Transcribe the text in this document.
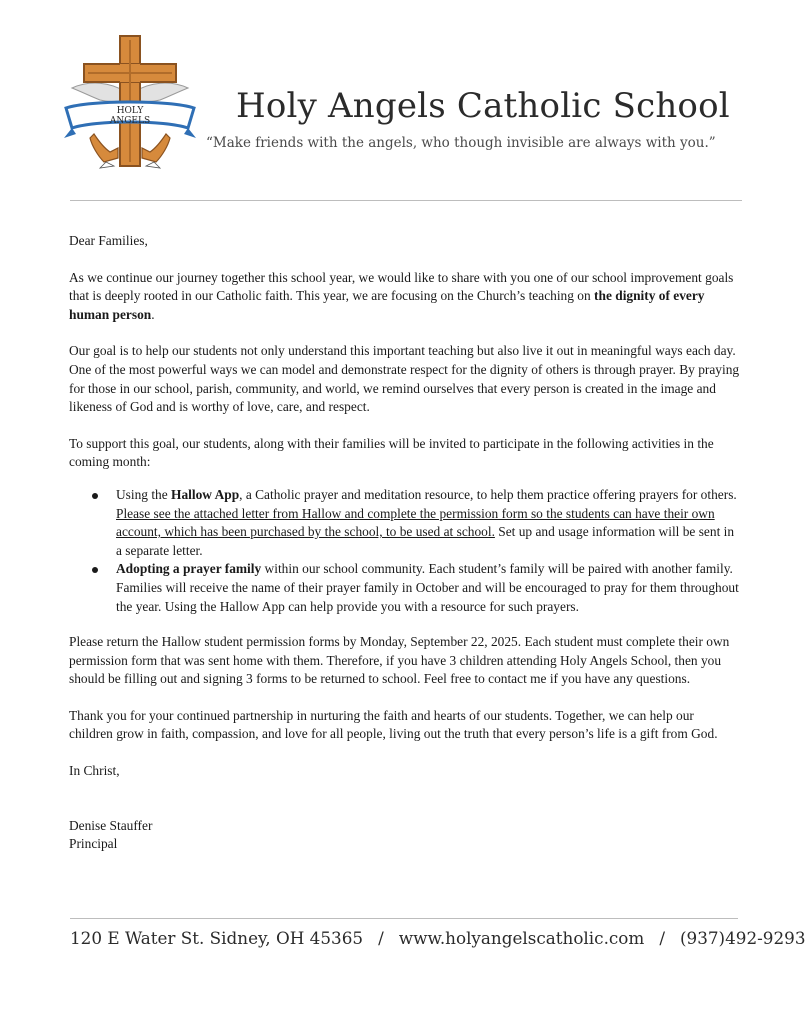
HOLY
ANGELS	Holy Angels Catholic School

“Make friends with the angels, who though invisible are always with you.”

Dear Families,

As we continue our journey together this school year, we would like to share with you one of our school improvement goals that is deeply rooted in our Catholic faith. This year, we are focusing on the Church’s teaching on the dignity of every human person.

Our goal is to help our students not only understand this important teaching but also live it out in meaningful ways each day. One of the most powerful ways we can model and demonstrate respect for the dignity of others is through prayer. By praying for those in our school, parish, community, and world, we remind ourselves that every person is created in the image and likeness of God and is worthy of love, care, and respect.

To support this goal, our students, along with their families will be invited to participate in the following activities in the coming month:

Using the Hallow App, a Catholic prayer and meditation resource, to help them practice offering prayers for others. Please see the attached letter from Hallow and complete the permission form so the students can have their own account, which has been purchased by the school, to be used at school. Set up and usage information will be sent in a separate letter.
Adopting a prayer family within our school community. Each student’s family will be paired with another family. Families will receive the name of their prayer family in October and will be encouraged to pray for them throughout the year. Using the Hallow App can help provide you with a resource for such prayers.

Please return the Hallow student permission forms by Monday, September 22, 2025. Each student must complete their own permission form that was sent home with them. Therefore, if you have 3 children attending Holy Angels School, then you should be filling out and signing 3 forms to be returned to school. Feel free to contact me if you have any questions.

Thank you for your continued partnership in nurturing the faith and hearts of our students. Together, we can help our children grow in faith, compassion, and love for all people, living out the truth that every person’s life is a gift from God.

In Christ,

Denise Stauffer

Principal

120 E Water St. Sidney, OH 45365 / www.holyangelscatholic.com / (937)492-9293
